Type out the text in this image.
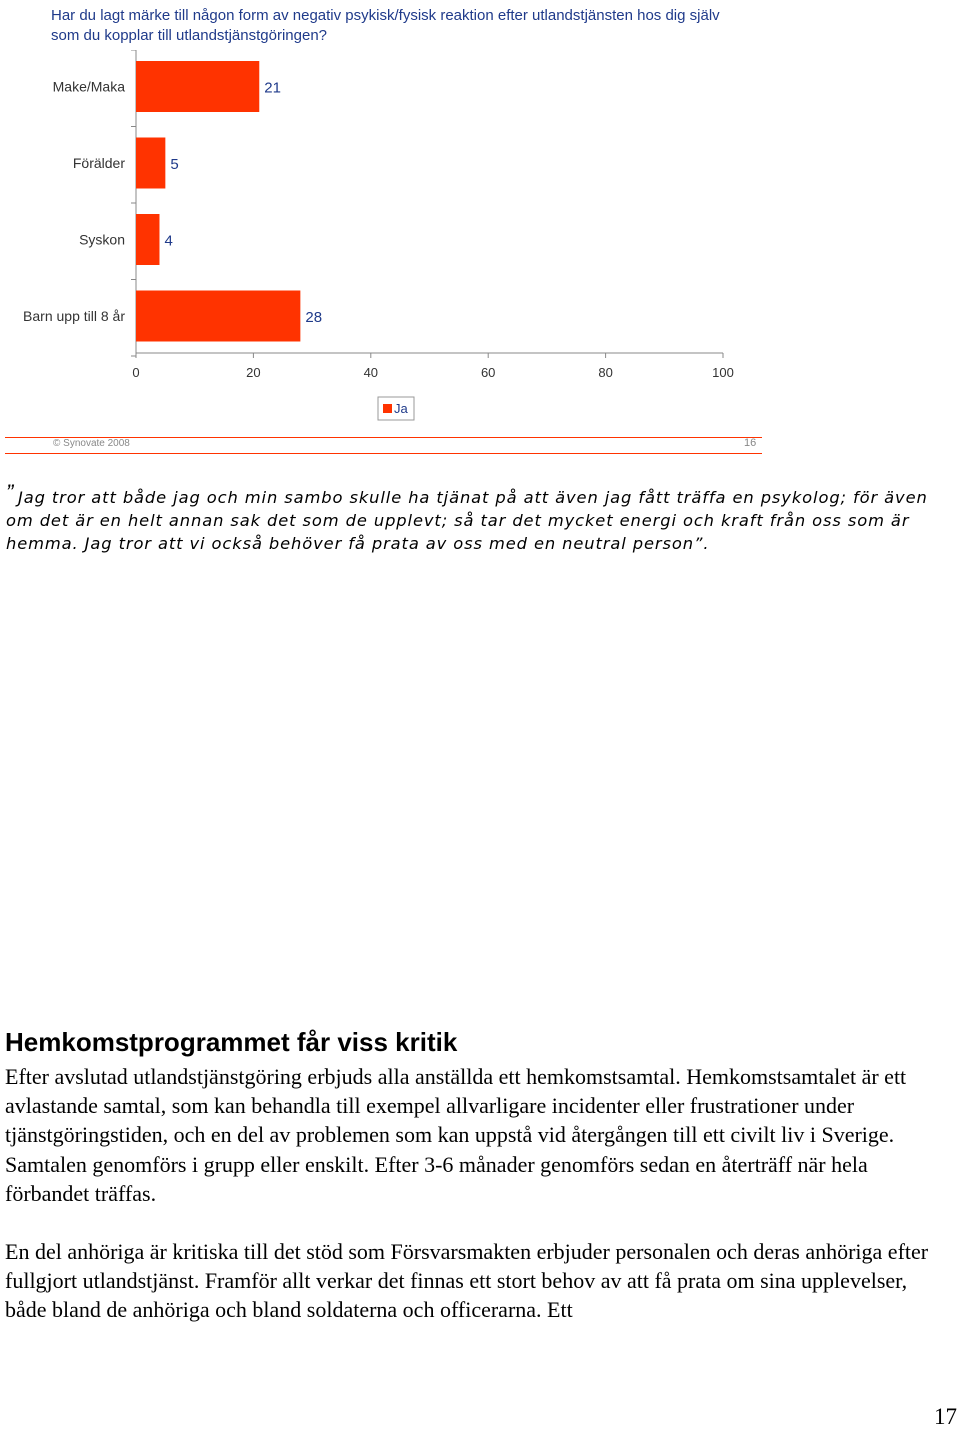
Har du lagt märke till någon form av negativ psykisk/fysisk reaktion efter utlandstjänsten hos dig själv som du kopplar till utlandstjänstgöringen?
Make/Maka
Förälder
Syskon
Barn upp till 8 år
21
5
4
28
0	20	40	60	80	100
Ja
© Synovate 2008	16
” Jag tror att både jag och min sambo skulle ha tjänat på att även jag fått träffa en psykolog; för även om det är en helt annan sak det som de upplevt; så tar det mycket energi och kraft från oss som är hemma. Jag tror att vi också behöver få prata av oss med en neutral person”.
Hemkomstprogrammet får viss kritik
Efter avslutad utlandstjänstgöring erbjuds alla anställda ett hemkomstsamtal. Hemkomstsamtalet är ett avlastande samtal, som kan behandla till exempel allvarligare incidenter eller frustrationer under tjänstgöringstiden, och en del av problemen som kan uppstå vid återgången till ett civilt liv i Sverige. Samtalen genomförs i grupp eller enskilt. Efter 3-6 månader genomförs sedan en återträff när hela förbandet träffas.
En del anhöriga är kritiska till det stöd som Försvarsmakten erbjuder personalen och deras anhöriga efter fullgjort utlandstjänst. Framför allt verkar det finnas ett stort behov av att få prata om sina upplevelser, både bland de anhöriga och bland soldaterna och officerarna. Ett
17
